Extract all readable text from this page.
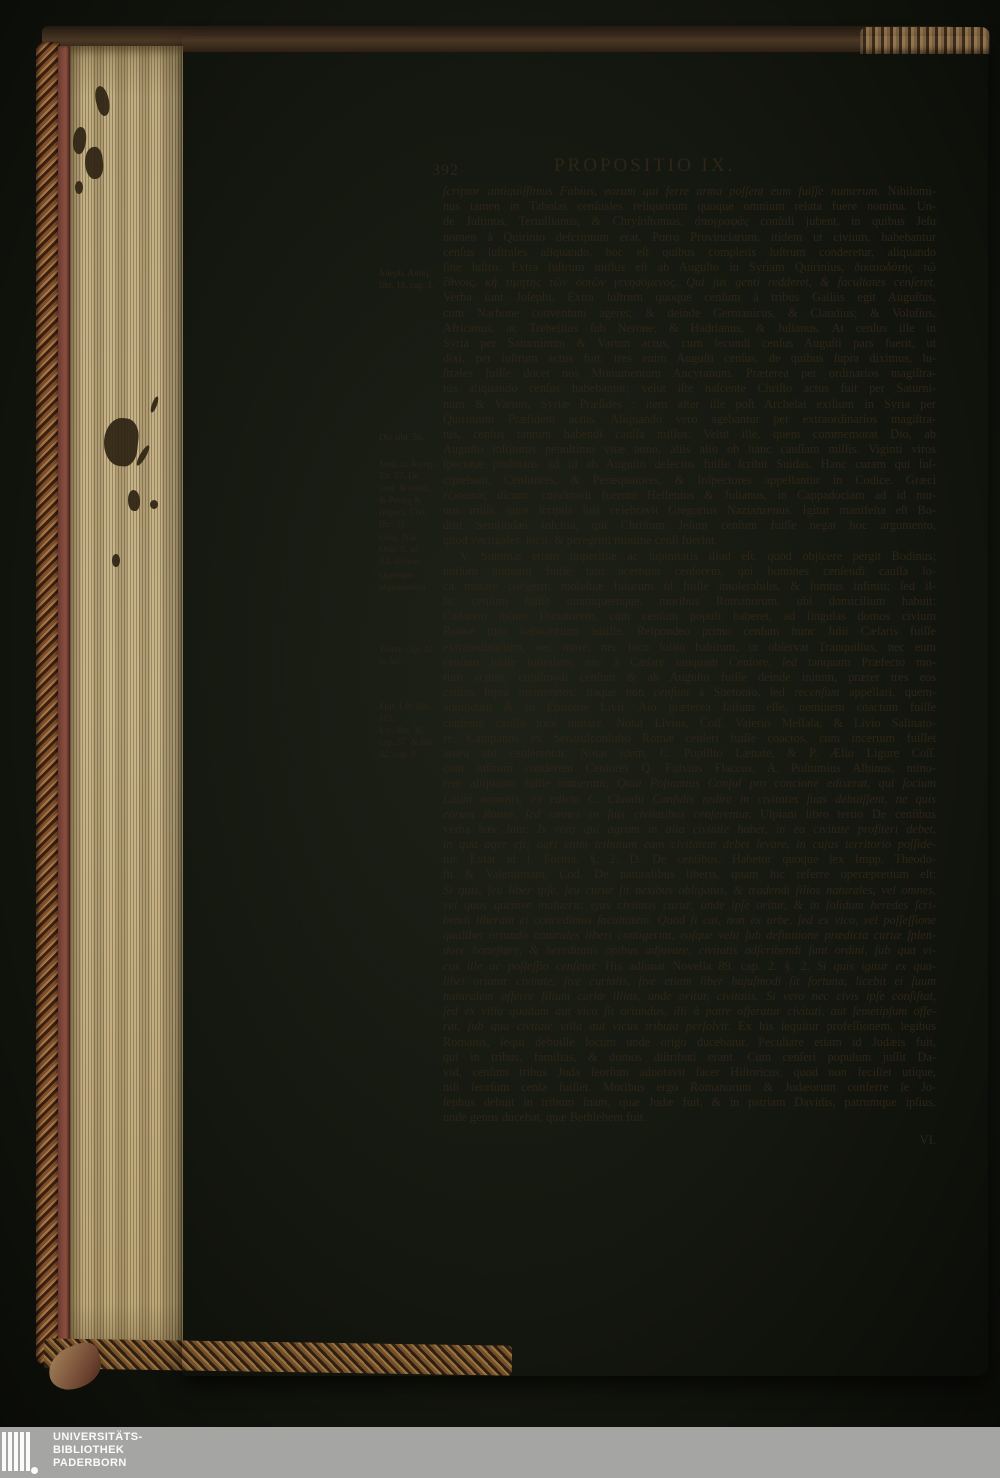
392	PROPOSITIO IX.
ſcriptor antiquiſſimus Fabius, eorum qui ferre arma poſſent eum fuiſſe numerum. Nihilomi-
nus tamen in Tabulas cenſuales reliquorum quoque omnium relata fuere nomina. Un-
de Juſtinus, Tertullianus, & Chryſoſtomus, ἀπογραφὰς conſuli jubent, in quibus Jeſu
nomen à Quirinio deſcriptum erat. Porro Provinciarum, itidem ut civium, habebantur
cenſus luſtrales aliquando, hoc eſt quibus completis luſtrum conderetur, aliquando
ſine luſtro. Extra luſtrum miſſus eſt ab Auguſto in Syriam Quirinius, δικαιοδότης τῷ
ἔθνοις, κὴ τιμητὴς τῶν ὁσιῶν γενησόμενος. Qui jus genti redderet, & facultates cenſeret.
Verba ſunt Joſephi. Extra luſtrum quoque cenſum à tribus Galliis egit Auguſtus,
cum Narbone conventum ageret; & deinde Germanicus, & Claudius; & Voluſius,
Africanus, ac Trebellius ſub Nerone; & Hadrianus, & Julianus. At cenſus ille in
Syria per Saturninum & Varum actus, cum ſecundi cenſus Auguſti pars fuerit, ut
dixi, per luſtrum actus fuit: tres enim Auguſti cenſus, de quibus ſupra diximus, lu-
ſtrales fuiſſe docet nos Monumentum Ancyranum. Præterea per ordinarios magiſtra-
tus aliquando cenſus habebantur; velut iſte naſcente Chriſto actus fuit per Saturni-
num & Varum, Syriæ Præſides : item alter ille poſt Archelai exilium in Syria per
Quirinium Præſidem actus. Aliquando vero agebantur per extraordinarios magiſtra-
tus, cenſus tantum habendi cauſſa miſſos. Velut ille, quem commemorat Dio, ab
Auguſto inſtitutus penultimo vitæ anno, aliis alio ob hanc cauſſam miſſis. Viginti viros
ſpectatæ probitatis ad id ab Auguſto delectos fuiſſe ſcribit Suidas. Hanc curam qui ſuſ-
cipiebant, Cenſitores, & Peræquatores, & Inſpectores appellantur in Codice. Græci
ἐξισωτὰς dicunt: cujuſmodi fuerunt Hellenius & Julianus, in Cappadociam ad id mu-
nus miſſi, quos ſcriptis ſuis celebravit Gregorius Nazianzenus. Igitur manifeſta eſt Bo-
dini Semijudæi inſcitia, qui Chriſtum Jeſum cenſum fuiſſe negat hoc argumento,
quod vectigales, ſocii, & peregrini minime cenſi fuerint.
V. Summæ etiam imperitiæ ac ſupinitatis illud eſt, quod objicere pergit Bodinus;
nullum unquam fuiſſe tam acerbum cenſorem, qui homines cenſendi cauſſa lo-
ca mutare coëgerit; moleſtiæ futurum id fuiſſe intolerabilis, & ſumtus infiniti; ſed il-
lic cenſum fuiſſe unumquemque, moribus Romanorum, ubi domicilium habuit:
Cæſarem ipſum Dictatorem, cum cenſum populi haberet, ad ſingulas domos civium
Romæ tunc habitantium adiiſſe. Reſpondeo primo cenſum hunc Julii Cæſaris fuiſſe
extraordinarium, nec more, nec loco ſolito habitum, ut obſervat Tranquillus, nec eum
cenſum fuiſſe luſtralem, nec à Cæſare tanquam Cenſore, ſed tanquam Præfecto mo-
rum actum; cujuſmodi cenſum & ab Auguſto fuiſſe deinde initum, præter tres eos
cenſus ſupra memoratos; itaque non cenſum à Suetonio, ſed recenſum appellari, quem-
admodum & in Epitome Livii. Aio præterea falſum eſſe, neminem coactum fuiſſe
cenſendi cauſſa loca mutare. Notat Livius, Coſſ. Valerio Meſſala, & Livio Salinato-
re, Campanos ex Senatuſconſulto Romæ cenſeri fuiſſe coactos, cum incertum fuiſſet
antea ubi cenſerentur. Notat idem, C. Popillio Lænate, & P. Ælio Ligure Coſſ.
cum luſtrum conderent Cenſores Q. Fulvius Flaccus, A. Poſtumius Albinus, mino-
rem aliquanto fuiſſe numerum, Quia Poſtumius Conſul pro concione edixerat, qui ſocium
Latini nominis, ex edicto C. Claudii Conſulis redire in civitates ſuas debuiſſent, ne quis
eorum Romæ, ſed omnes in ſuis civitatibus cenſerentur. Ulpiani libro tertio De cenſibus
verba hæc ſunt: Is vero qui agrum in alia civitate habet, in ea civitate profiteri debet,
in qua ager eſt; agri enim tributum eam civitatem debet levare, in cujus territorio poſſide-
tur. Extat id l. Forma, §. 2. D. De cenſibus. Habetur quoque lex Impp. Theodo-
ſii & Valentiniani, Cod. De naturalibus liberis, quam hic referre operæpretium eſt:
Si quis, ſeu liber ipſe, ſeu curiæ ſit nexibus obligatus, & tradendi filios naturales, vel omnes,
vel quos quemve maluerit: ejus civitatis curiæ, unde ipſe oritur, & in ſolidum heredes ſcri-
bendi liberam ei concedimus facultatem. Quod ſi cui, non ex urbe, ſed ex vico, vel poſſeſſione
qualibet oriundo naturales liberi contigerint, eoſque velit ſub definitione prædicta curiæ ſplen-
dore honeſtare, & hereditatis opibus adjuvare, civitatis adſcribendi ſunt ordini, ſub qua vi-
cus ille ac poſſeſſio cenſetur. His adſonat Novella 89. cap. 2. §. 2. Si quis igitur ex qua-
libet oriatur civitate, ſive curialis, ſive etiam liber hujuſmodi ſit fortuna, licebit ei ſuum
naturalem offerre filium curiæ illius, unde oritur, civitatis. Si vero nec civis ipſe conſiſtat,
ſed ex villa quadam aut vico ſit oriundus, illi à patre offeratur civitati, aut ſemetipſum offe-
rat, ſub qua civitate villa aut vicus tributa perſolvit. Ex his ſequitur profeſſionem, legibus
Romanis, ſequi debuiſſe locum unde origo ducebatur. Peculiare etiam id Judæis fuit,
qui in tribus, familias, & domos diſtributi erant. Cum cenſeri populum juſſit Da-
vid, cenſum tribus Juda ſeorſum adnotavit ſacer Hiſtoricus; quod non feciſſet utique,
niſi ſeorſum cenſa fuiſſet. Moribus ergo Romanorum & Judæorum conferre ſe Jo-
ſephus debuit in tribum ſuam, quæ Judæ fuit, & in patriam Davidis, patrumque ipſius,
unde genus ducebat, quæ Bethlehem fuit.
VI.
Joſeph. Antiq.
libr. 18. cap. 1.
Dio libr. 56.
Suid. in Ἀπογρ.
Tit. 57. De
cenſ. & cenſit.
& Peræq &
Inſpect. Cod.
libr. 11.
Greg. Naz.
Orat. 9. ad
Jul. ἐξισωτ.
Quartum
argumentum
Tranq. cap. 42.
in Jul.
Epit. Liv. libr.
115.
Liv. libr. 38.
cap. 37. & libr.
42. cap. 9.
UNIVERSITÄTS-
BIBLIOTHEK
PADERBORN
